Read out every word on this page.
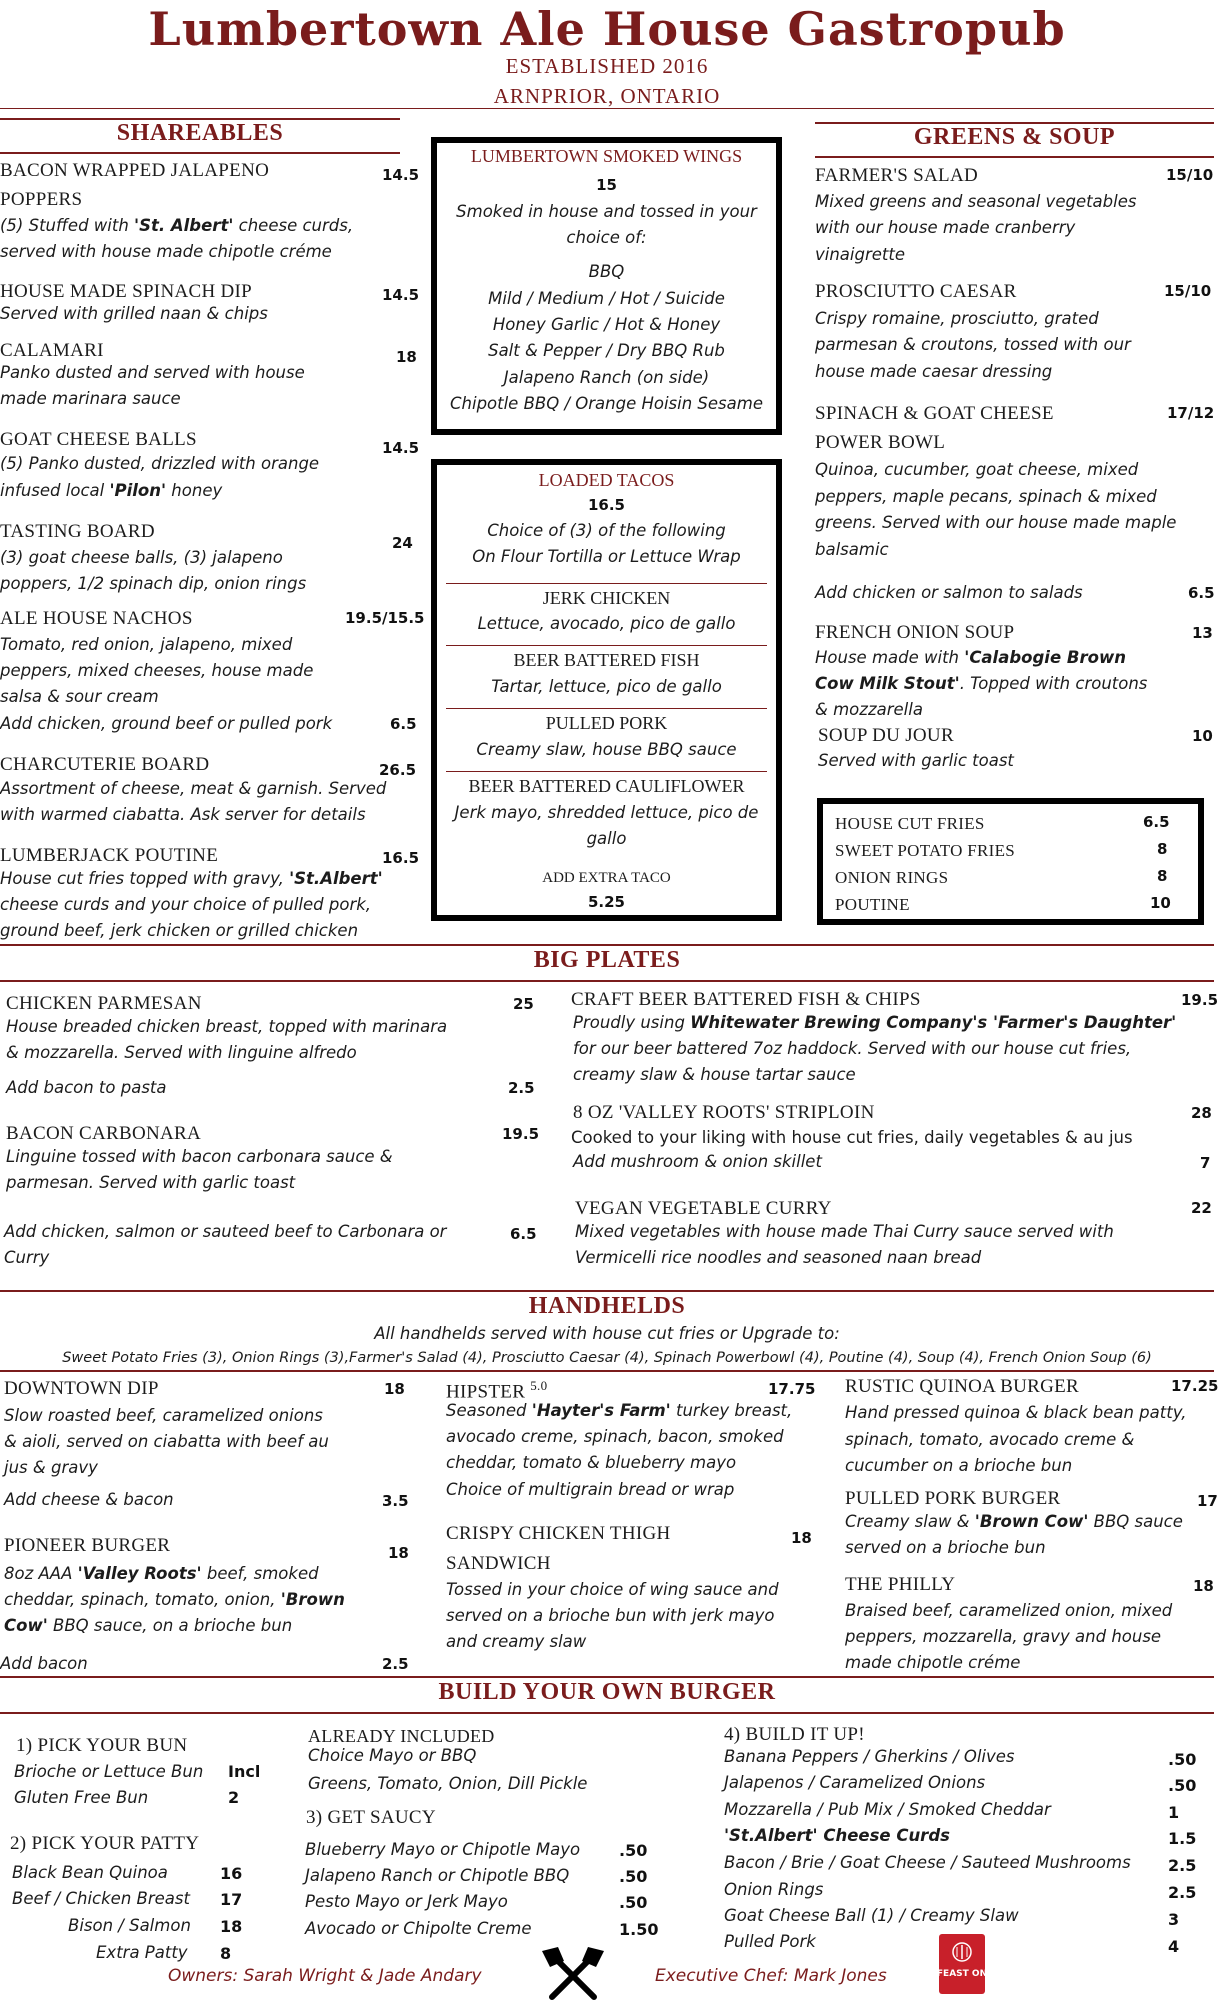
Lumbertown Ale House Gastropub
ESTABLISHED 2016
ARNPRIOR, ONTARIO
SHAREABLES
BACON WRAPPED JALAPENO
POPPERS
14.5
(5) Stuffed with 'St. Albert' cheese curds,
served with house made chipotle créme
HOUSE MADE SPINACH DIP	14.5
Served with grilled naan & chips
CALAMARI	18
Panko dusted and served with house
made marinara sauce
GOAT CHEESE BALLS	14.5
(5) Panko dusted, drizzled with orange
infused local 'Pilon' honey
TASTING BOARD
24
(3) goat cheese balls, (3) jalapeno
poppers, 1/2 spinach dip, onion rings
ALE HOUSE NACHOS	19.5/15.5
Tomato, red onion, jalapeno, mixed
peppers, mixed cheeses, house made
salsa & sour cream
Add chicken, ground beef or pulled pork	6.5
CHARCUTERIE BOARD	26.5
Assortment of cheese, meat & garnish. Served
with warmed ciabatta. Ask server for details
LUMBERJACK POUTINE	16.5
House cut fries topped with gravy, 'St.Albert'
cheese curds and your choice of pulled pork,
ground beef, jerk chicken or grilled chicken
LUMBERTOWN SMOKED WINGS
15
Smoked in house and tossed in your
choice of:
BBQ
Mild / Medium / Hot / Suicide
Honey Garlic / Hot & Honey
Salt & Pepper / Dry BBQ Rub
Jalapeno Ranch (on side)
Chipotle BBQ / Orange Hoisin Sesame
LOADED TACOS
16.5
Choice of (3) of the following
On Flour Tortilla or Lettuce Wrap
JERK CHICKEN
Lettuce, avocado, pico de gallo
BEER BATTERED FISH
Tartar, lettuce, pico de gallo
PULLED PORK
Creamy slaw, house BBQ sauce
BEER BATTERED CAULIFLOWER
Jerk mayo, shredded lettuce, pico de
gallo
ADD EXTRA TACO
5.25
GREENS & SOUP
FARMER'S SALAD	15/10
Mixed greens and seasonal vegetables
with our house made cranberry
vinaigrette
PROSCIUTTO CAESAR	15/10
Crispy romaine, prosciutto, grated
parmesan & croutons, tossed with our
house made caesar dressing
SPINACH & GOAT CHEESE
POWER BOWL
17/12
Quinoa, cucumber, goat cheese, mixed
peppers, maple pecans, spinach & mixed
greens. Served with our house made maple
balsamic
Add chicken or salmon to salads	6.5
FRENCH ONION SOUP	13
House made with 'Calabogie Brown
Cow Milk Stout'. Topped with croutons
& mozzarella
SOUP DU JOUR	10
Served with garlic toast
HOUSE CUT FRIES	6.5
SWEET POTATO FRIES	8
ONION RINGS	8
POUTINE	10
BIG PLATES
CHICKEN PARMESAN	25
House breaded chicken breast, topped with marinara
& mozzarella. Served with linguine alfredo
Add bacon to pasta	2.5
BACON CARBONARA	19.5
Linguine tossed with bacon carbonara sauce &
parmesan. Served with garlic toast
Add chicken, salmon or sauteed beef to Carbonara or
Curry
6.5
CRAFT BEER BATTERED FISH & CHIPS	19.5
Proudly using Whitewater Brewing Company's 'Farmer's Daughter'
for our beer battered 7oz haddock. Served with our house cut fries,
creamy slaw & house tartar sauce
8 OZ 'VALLEY ROOTS' STRIPLOIN	28
Cooked to your liking with house cut fries, daily vegetables & au jus
Add mushroom & onion skillet	7
VEGAN VEGETABLE CURRY	22
Mixed vegetables with house made Thai Curry sauce served with
Vermicelli rice noodles and seasoned naan bread
HANDHELDS
All handhelds served with house cut fries or Upgrade to:
Sweet Potato Fries (3), Onion Rings (3),Farmer's Salad (4), Prosciutto Caesar (4), Spinach Powerbowl (4), Poutine (4), Soup (4), French Onion Soup (6)
DOWNTOWN DIP	18
Slow roasted beef, caramelized onions
& aioli, served on ciabatta with beef au
jus & gravy
Add cheese & bacon	3.5
PIONEER BURGER	18
8oz AAA 'Valley Roots' beef, smoked
cheddar, spinach, tomato, onion, 'Brown
Cow' BBQ sauce, on a brioche bun
Add bacon	2.5
HIPSTER $^{5.0}$	17.75
Seasoned 'Hayter's Farm' turkey breast,
avocado creme, spinach, bacon, smoked
cheddar, tomato & blueberry mayo
Choice of multigrain bread or wrap
CRISPY CHICKEN THIGH
SANDWICH
18
Tossed in your choice of wing sauce and
served on a brioche bun with jerk mayo
and creamy slaw
RUSTIC QUINOA BURGER	17.25
Hand pressed quinoa & black bean patty,
spinach, tomato, avocado creme &
cucumber on a brioche bun
PULLED PORK BURGER	17
Creamy slaw & 'Brown Cow' BBQ sauce
served on a brioche bun
THE PHILLY	18
Braised beef, caramelized onion, mixed
peppers, mozzarella, gravy and house
made chipotle créme
BUILD YOUR OWN BURGER
1) PICK YOUR BUN
Brioche or Lettuce Bun Incl
Gluten Free Bun	2
2) PICK YOUR PATTY
Black Bean Quinoa	16
Beef / Chicken Breast 17
Bison / Salmon 18
Extra Patty 8
ALREADY INCLUDED
Choice Mayo or BBQ
Greens, Tomato, Onion, Dill Pickle
3) GET SAUCY
Blueberry Mayo or Chipotle Mayo .50
Jalapeno Ranch or Chipotle BBQ	.50
Pesto Mayo or Jerk Mayo	.50
Avocado or Chipolte Creme	1.50
4) BUILD IT UP!
Banana Peppers / Gherkins / Olives	.50
Jalapenos / Caramelized Onions	.50
Mozzarella / Pub Mix / Smoked Cheddar	1
'St.Albert' Cheese Curds	1.5
Bacon / Brie / Goat Cheese / Sauteed Mushrooms 2.5
Onion Rings	2.5
Goat Cheese Ball (1) / Creamy Slaw	3
Pulled Pork	4
Owners: Sarah Wright & Jade Andary	Executive Chef: Mark Jones	FEAST ON
